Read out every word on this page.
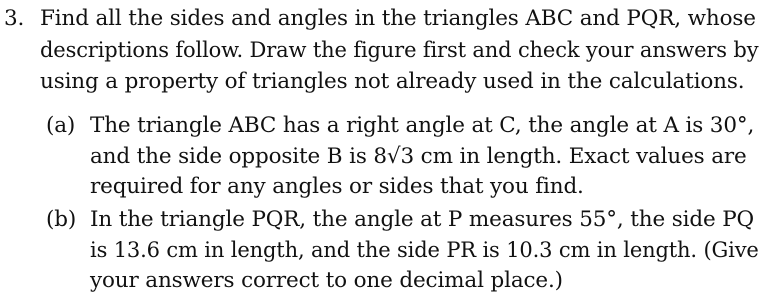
3. Find all the sides and angles in the triangles ABC and PQR, whose
descriptions follow. Draw the figure first and check your answers by
using a property of triangles not already used in the calculations.
(a) The triangle ABC has a right angle at C, the angle at A is 30°,
and the side opposite B is 8√3 cm in length. Exact values are
required for any angles or sides that you find.
(b) In the triangle PQR, the angle at P measures 55°, the side PQ
is 13.6 cm in length, and the side PR is 10.3 cm in length. (Give
your answers correct to one decimal place.)
